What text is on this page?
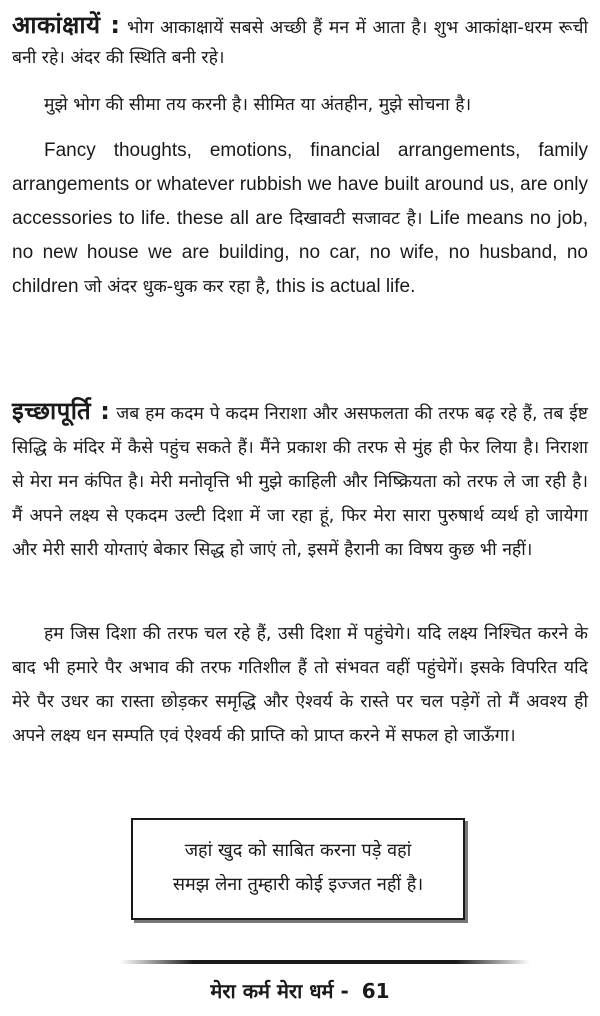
आकांक्षायें : भोग आकाक्षायें सबसे अच्छी हैं मन में आता है। शुभ आकांक्षा-धरम रूची बनी रहे। अंदर की स्थिति बनी रहे।

मुझे भोग की सीमा तय करनी है। सीमित या अंतहीन, मुझे सोचना है।

Fancy thoughts, emotions, financial arrangements, family arrangements or whatever rubbish we have built around us, are only accessories to life. these all are दिखावटी सजावट है। Life means no job, no new house we are building, no car, no wife, no husband, no children जो अंदर धुक-धुक कर रहा है, this is actual life.

इच्छापूर्ति : जब हम कदम पे कदम निराशा और असफलता की तरफ बढ़ रहे हैं, तब ईष्ट सिद्धि के मंदिर में कैसे पहुंच सकते हैं। मैंने प्रकाश की तरफ से मुंह ही फेर लिया है। निराशा से मेरा मन कंपित है। मेरी मनोवृत्ति भी मुझे काहिली और निष्क्रियता को तरफ ले जा रही है। मैं अपने लक्ष्य से एकदम उल्टी दिशा में जा रहा हूं, फिर मेरा सारा पुरुषार्थ व्यर्थ हो जायेगा और मेरी सारी योग्ताएं बेकार सिद्ध हो जाएं तो, इसमें हैरानी का विषय कुछ भी नहीं।

हम जिस दिशा की तरफ चल रहे हैं, उसी दिशा में पहुंचेगे। यदि लक्ष्य निश्चित करने के बाद भी हमारे पैर अभाव की तरफ गतिशील हैं तो संभवत वहीं पहुंचेगें। इसके विपरित यदि मेरे पैर उधर का रास्ता छोड़कर समृद्धि और ऐश्वर्य के रास्ते पर चल पड़ेगें तो मैं अवश्य ही अपने लक्ष्य धन सम्पति एवं ऐश्वर्य की प्राप्ति को प्राप्त करने में सफल हो जाऊँगा।

जहां खुद को साबित करना पड़े वहां
समझ लेना तुम्हारी कोई इज्जत नहीं है।
मेरा कर्म मेरा धर्म - 61
